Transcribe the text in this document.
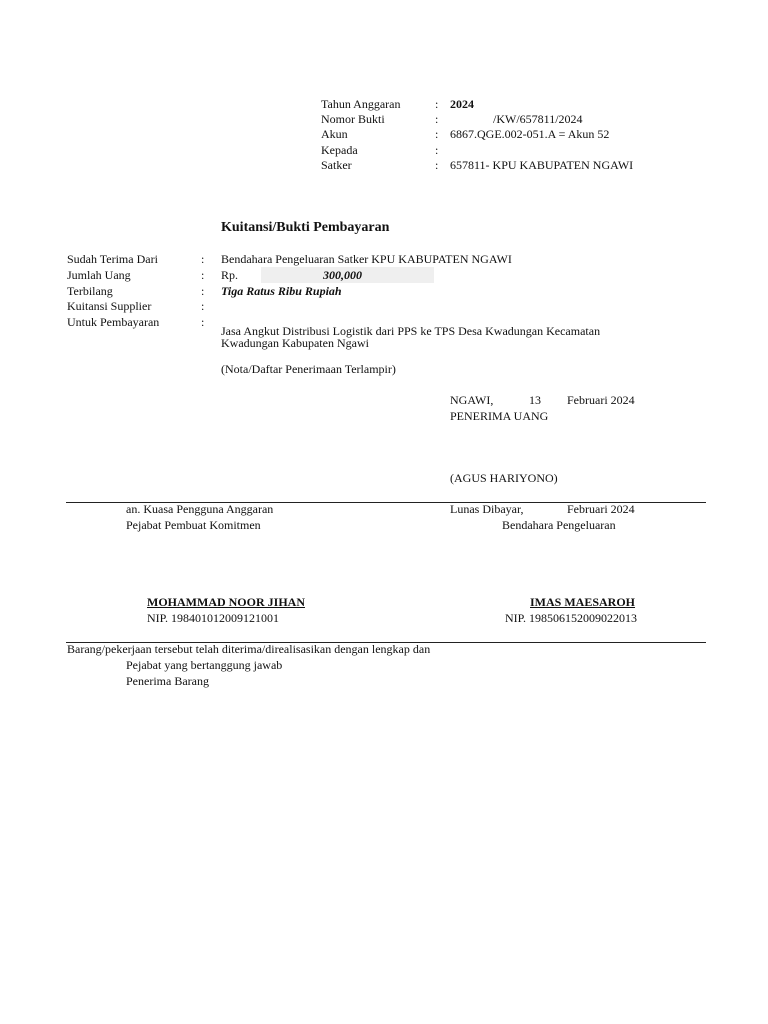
Tahun Anggaran	: 2024
Nomor Bukti	:	/KW/657811/2024
Akun	: 6867.QGE.002-051.A = Akun 52
Kepada	:
Satker	: 657811- KPU KABUPATEN NGAWI
Kuitansi/Bukti Pembayaran
Sudah Terima Dari	: Bendahara Pengeluaran Satker KPU KABUPATEN NGAWI
Jumlah Uang	: Rp.	300,000
Terbilang	: Tiga Ratus Ribu Rupiah
Kuitansi Supplier	:
Untuk Pembayaran	:
Jasa Angkut Distribusi Logistik dari PPS ke TPS Desa Kwadungan Kecamatan
Kwadungan Kabupaten Ngawi
(Nota/Daftar Penerimaan Terlampir)
NGAWI,	13 Februari 2024
PENERIMA UANG
(AGUS HARIYONO)
an. Kuasa Pengguna Anggaran
Pejabat Pembuat Komitmen
Lunas Dibayar,	Februari 2024
Bendahara Pengeluaran
MOHAMMAD NOOR JIHAN
NIP. 198401012009121001
IMAS MAESAROH
NIP. 198506152009022013
Barang/pekerjaan tersebut telah diterima/direalisasikan dengan lengkap dan
Pejabat yang bertanggung jawab
Penerima Barang
